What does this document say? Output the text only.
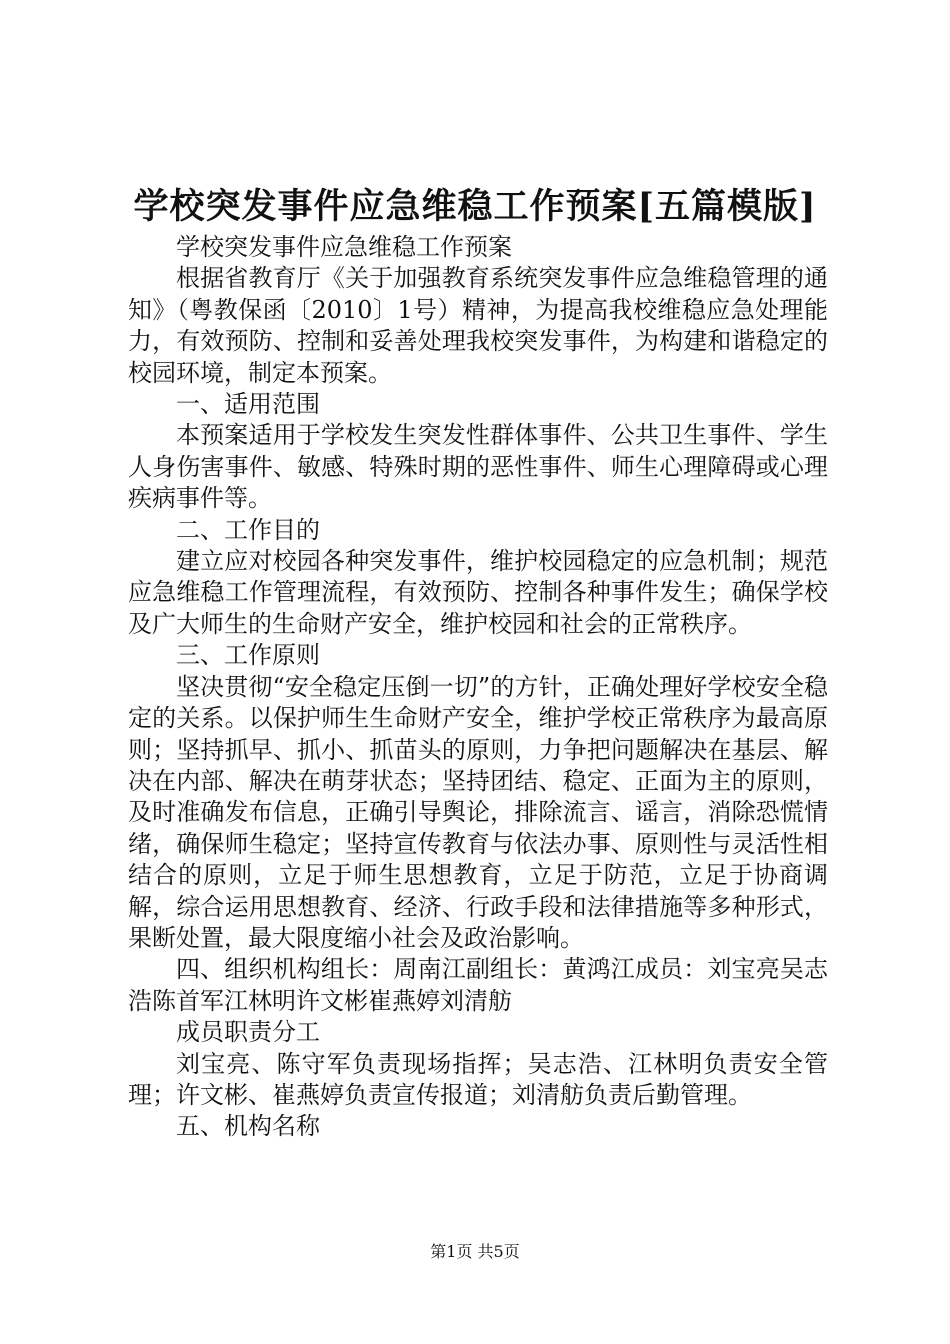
学校突发事件应急维稳工作预案[五篇模版]

学校突发事件应急维稳工作预案

根据省教育厅《关于加强教育系统突发事件应急维稳管理的通知》（粤教保函〔2010〕1号）精神，为提高我校维稳应急处理能力，有效预防、控制和妥善处理我校突发事件，为构建和谐稳定的校园环境，制定本预案。

一、适用范围

本预案适用于学校发生突发性群体事件、公共卫生事件、学生人身伤害事件、敏感、特殊时期的恶性事件、师生心理障碍或心理疾病事件等。

二、工作目的

建立应对校园各种突发事件，维护校园稳定的应急机制；规范应急维稳工作管理流程，有效预防、控制各种事件发生；确保学校及广大师生的生命财产安全，维护校园和社会的正常秩序。

三、工作原则

坚决贯彻“安全稳定压倒一切”的方针，正确处理好学校安全稳定的关系。以保护师生生命财产安全，维护学校正常秩序为最高原则；坚持抓早、抓小、抓苗头的原则，力争把问题解决在基层、解决在内部、解决在萌芽状态；坚持团结、稳定、正面为主的原则，及时准确发布信息，正确引导舆论，排除流言、谣言，消除恐慌情绪，确保师生稳定；坚持宣传教育与依法办事、原则性与灵活性相结合的原则，立足于师生思想教育，立足于防范，立足于协商调解，综合运用思想教育、经济、行政手段和法律措施等多种形式，果断处置，最大限度缩小社会及政治影响。

四、组织机构组长：周南江副组长：黄鸿江成员：刘宝亮吴志浩陈首军江林明许文彬崔燕婷刘清舫

成员职责分工

刘宝亮、陈守军负责现场指挥；吴志浩、江林明负责安全管理；许文彬、崔燕婷负责宣传报道；刘清舫负责后勤管理。

五、机构名称

第1页 共5页
